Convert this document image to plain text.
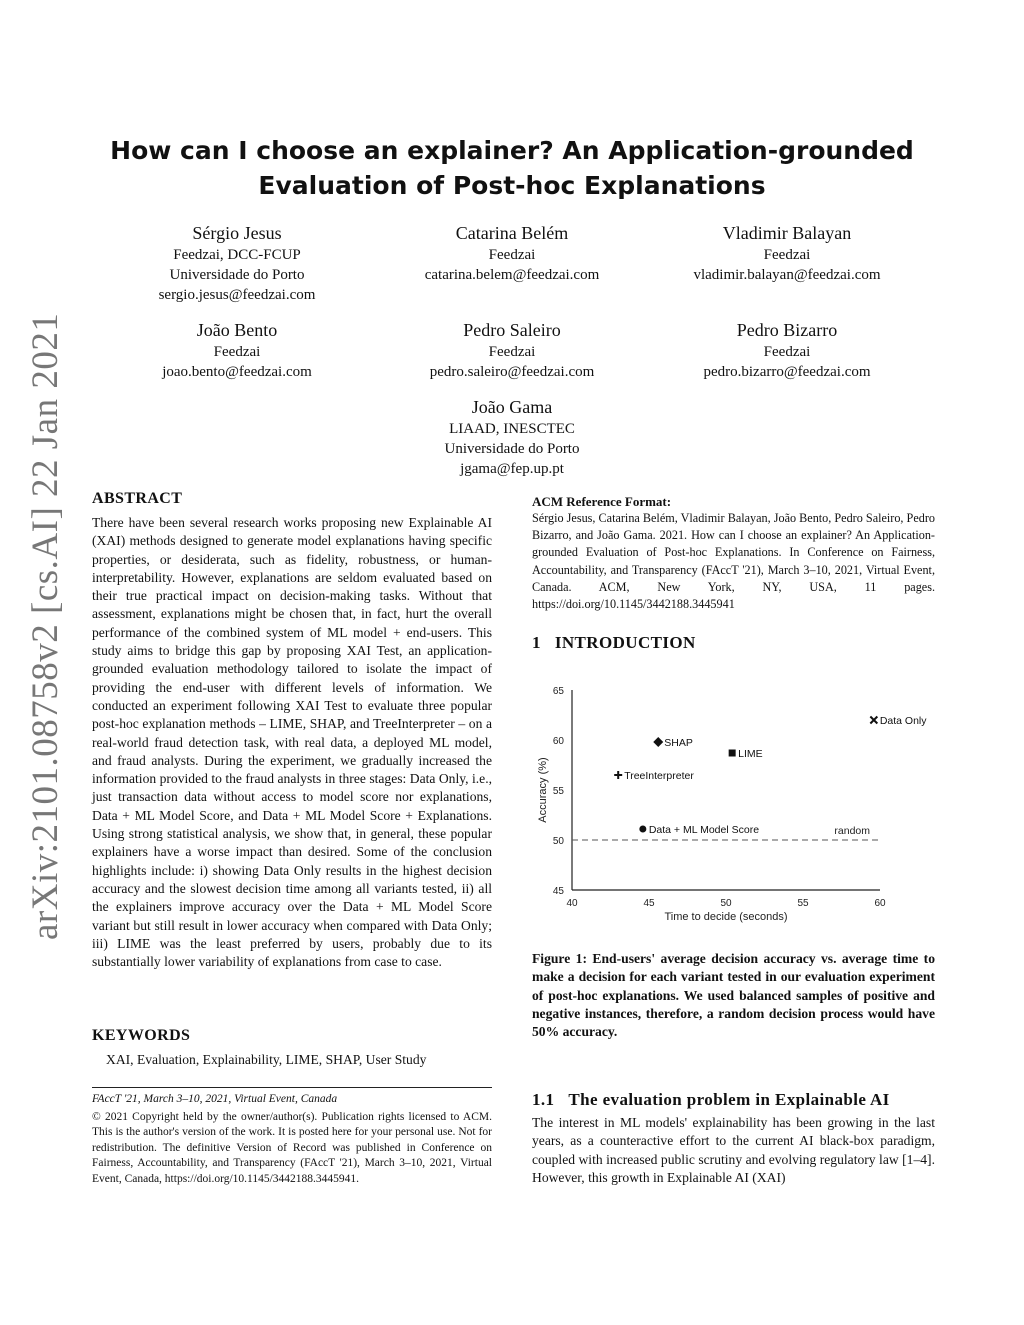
arXiv:2101.08758v2 [cs.AI] 22 Jan 2021
How can I choose an explainer? An Application-grounded Evaluation of Post-hoc Explanations
Sérgio Jesus
Feedzai, DCC-FCUP
Universidade do Porto
sergio.jesus@feedzai.com
Catarina Belém
Feedzai
catarina.belem@feedzai.com
Vladimir Balayan
Feedzai
vladimir.balayan@feedzai.com
João Bento
Feedzai
joao.bento@feedzai.com
Pedro Saleiro
Feedzai
pedro.saleiro@feedzai.com
Pedro Bizarro
Feedzai
pedro.bizarro@feedzai.com
João Gama
LIAAD, INESCTEC
Universidade do Porto
jgama@fep.up.pt
ABSTRACT

There have been several research works proposing new Explainable AI (XAI) methods designed to generate model explanations having specific properties, or desiderata, such as fidelity, robustness, or human-interpretability. However, explanations are seldom evaluated based on their true practical impact on decision-making tasks. Without that assessment, explanations might be chosen that, in fact, hurt the overall performance of the combined system of ML model + end-users. This study aims to bridge this gap by proposing XAI Test, an application-grounded evaluation methodology tailored to isolate the impact of providing the end-user with different levels of information. We conducted an experiment following XAI Test to evaluate three popular post-hoc explanation methods – LIME, SHAP, and TreeInterpreter – on a real-world fraud detection task, with real data, a deployed ML model, and fraud analysts. During the experiment, we gradually increased the information provided to the fraud analysts in three stages: Data Only, i.e., just transaction data without access to model score nor explanations, Data + ML Model Score, and Data + ML Model Score + Explanations. Using strong statistical analysis, we show that, in general, these popular explainers have a worse impact than desired. Some of the conclusion highlights include: i) showing Data Only results in the highest decision accuracy and the slowest decision time among all variants tested, ii) all the explainers improve accuracy over the Data + ML Model Score variant but still result in lower accuracy when compared with Data Only; iii) LIME was the least preferred by users, probably due to its substantially lower variability of explanations from case to case.

KEYWORDS

XAI, Evaluation, Explainability, LIME, SHAP, User Study

FAccT '21, March 3–10, 2021, Virtual Event, Canada
© 2021 Copyright held by the owner/author(s). Publication rights licensed to ACM. This is the author's version of the work. It is posted here for your personal use. Not for redistribution. The definitive Version of Record was published in Conference on Fairness, Accountability, and Transparency (FAccT '21), March 3–10, 2021, Virtual Event, Canada, https://doi.org/10.1145/3442188.3445941.
ACM Reference Format:
Sérgio Jesus, Catarina Belém, Vladimir Balayan, João Bento, Pedro Saleiro, Pedro Bizarro, and João Gama. 2021. How can I choose an explainer? An Application-grounded Evaluation of Post-hoc Explanations. In Conference on Fairness, Accountability, and Transparency (FAccT '21), March 3–10, 2021, Virtual Event, Canada. ACM, New York, NY, USA, 11 pages. https://doi.org/10.1145/3442188.3445941
1 INTRODUCTION
45
50
55
60
65
40	45	50	55	60
Time to decide (seconds)
Accuracy (%)
random
Data Only
SHAP
LIME
TreeInterpreter
Data + ML Model Score
Figure 1: End-users' average decision accuracy vs. average time to make a decision for each variant tested in our evaluation experiment of post-hoc explanations. We used balanced samples of positive and negative instances, therefore, a random decision process would have 50% accuracy.
1.1 The evaluation problem in Explainable AI

The interest in ML models' explainability has been growing in the last years, as a counteractive effort to the current AI black-box paradigm, coupled with increased public scrutiny and evolving regulatory law [1–4]. However, this growth in Explainable AI (XAI)
